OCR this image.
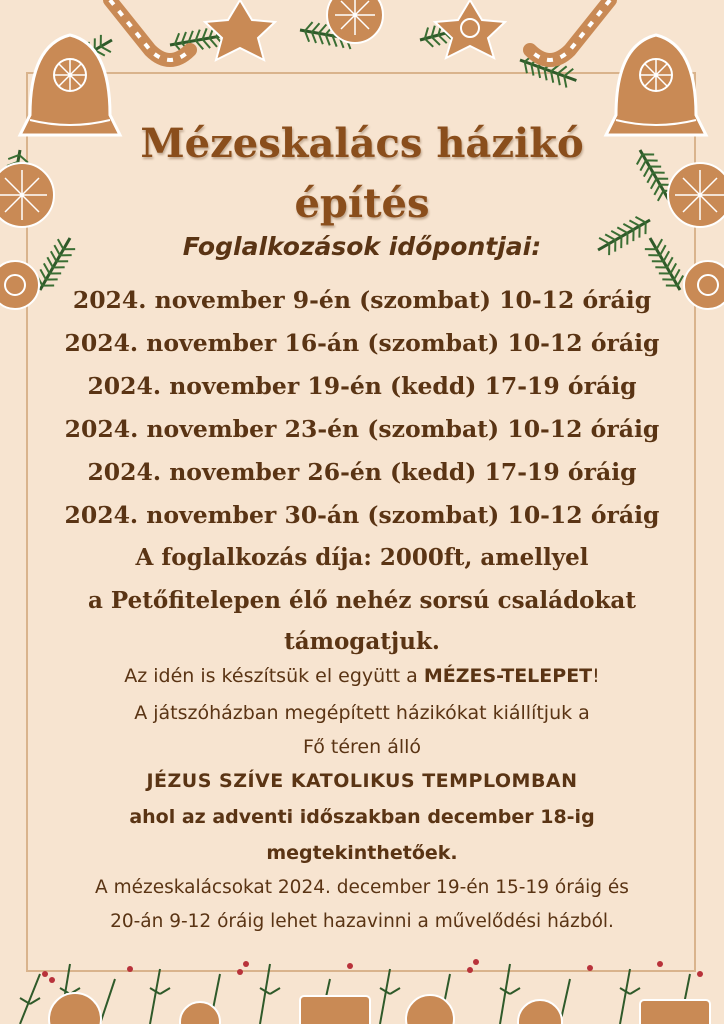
Mézeskalács házikó
építés
Foglalkozások időpontjai:
2024. november 9-én (szombat) 10-12 óráig
2024. november 16-án (szombat) 10-12 óráig
2024. november 19-én (kedd) 17-19 óráig
2024. november 23-én (szombat) 10-12 óráig
2024. november 26-én (kedd) 17-19 óráig
2024. november 30-án (szombat) 10-12 óráig
A foglalkozás díja: 2000ft, amellyel
a Petőfitelepen élő nehéz sorsú családokat
támogatjuk.
Az idén is készítsük el együtt a MÉZES-TELEPET!
A játszóházban megépített házikókat kiállítjuk a
Fő téren álló
JÉZUS SZÍVE KATOLIKUS TEMPLOMBAN
ahol az adventi időszakban december 18-ig
megtekinthetőek.
A mézeskalácsokat 2024. december 19-én 15-19 óráig és
20-án 9-12 óráig lehet hazavinni a művelődési házból.
